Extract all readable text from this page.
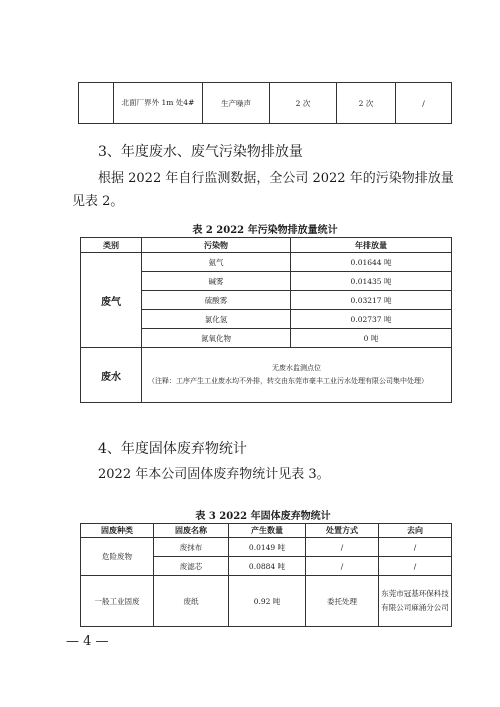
	北面厂界外 1m 处4#	生产噪声	2 次	2 次	/
3、年度废水、废气污染物排放量
根据 2022 年自行监测数据，全公司 2022 年的污染物排放量
见表 2。
表 2 2022 年污染物排放量统计
类别	污染物	年排放量
废气	氨气	0.01644 吨
	碱雾	0.01435 吨
	硫酸雾	0.03217 吨
	氯化氢	0.02737 吨
	氮氧化物	0 吨
废水	无废水监测点位
（注释：工序产生工业废水均不外排，转交由东莞市豪丰工业污水处理有限公司集中处理）	
4、年度固体废弃物统计
2022 年本公司固体废弃物统计见表 3。
表 3 2022 年固体废弃物统计
固废种类	固废名称	产生数量	处置方式	去向
危险废物	废抹布	0.0149 吨	/	/
	废滤芯	0.0884 吨	/	/
一般工业固废	废纸	0.92 吨	委托处理	东莞市冠基环保科技有限公司麻涌分公司
— 4 —
